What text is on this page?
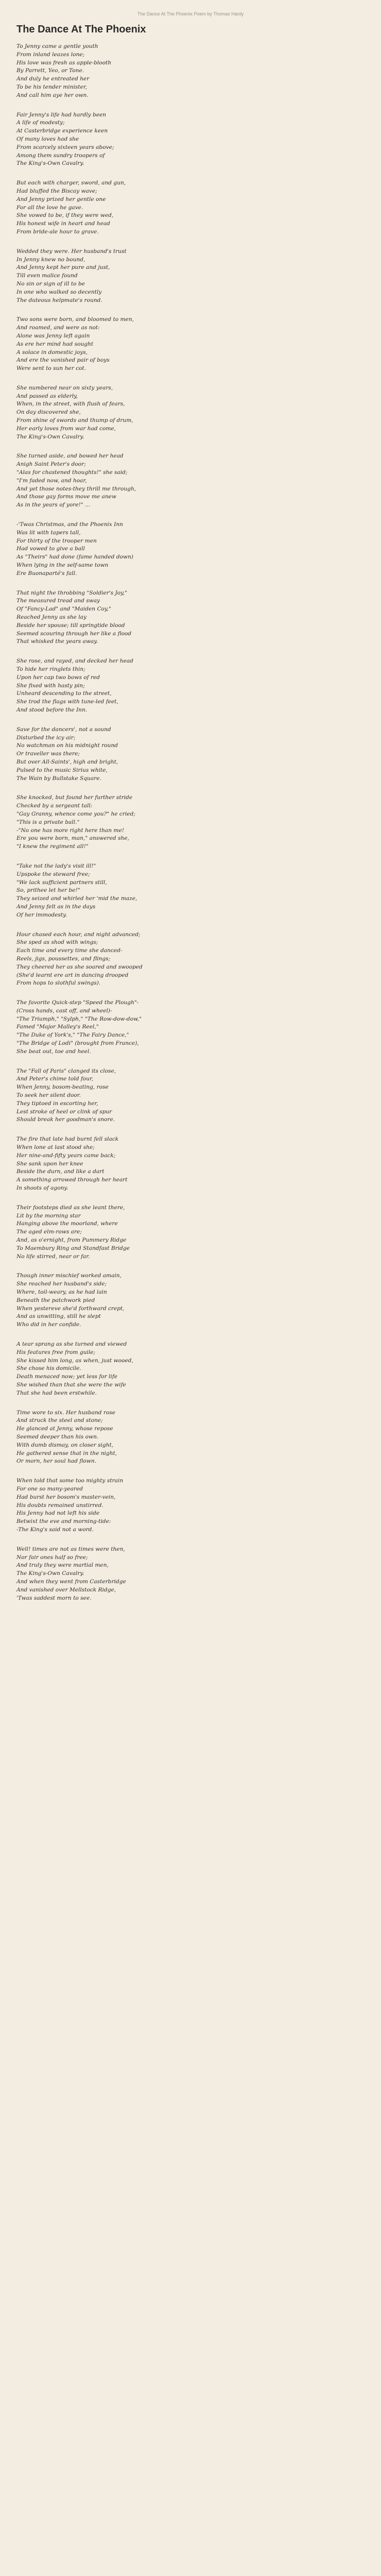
The Dance At The Phoenix Poem by Thomas Hardy
The Dance At The Phoenix
To Jenny came a gentle youth
From inland leazes lone;
His love was fresh as apple-blooth
By Parrett, Yeo, or Tone.
And duly he entreated her
To be his tender minister,
And call him aye her own.
Fair Jenny's life had hardly been
A life of modesty;
At Casterbridge experience keen
Of many loves had she
From scarcely sixteen years above;
Among them sundry troopers of
The King's-Own Cavalry.
But each with charger, sword, and gun,
Had bluffed the Biscay wave;
And Jenny prized her gentle one
For all the love he gave.
She vowed to be, if they were wed,
His honest wife in heart and head
From bride-ale hour to grave.
Wedded they were. Her husband's trust
In Jenny knew no bound,
And Jenny kept her pure and just,
Till even malice found
No sin or sign of ill to be
In one who walked so decently
The duteous helpmate's round.
Two sons were born, and bloomed to men,
And roamed, and were as not:
Alone was Jenny left again
As ere her mind had sought
A solace in domestic joys,
And ere the vanished pair of boys
Were sent to sun her cot.
She numbered near on sixty years,
And passed as elderly,
When, in the street, with flush of fears,
On day discovered she,
From shine of swords and thump of drum,
Her early loves from war had come,
The King's-Own Cavalry.
She turned aside, and bowed her head
Anigh Saint Peter's door;
"Alas for chastened thoughts!" she said;
"I'm faded now, and hoar,
And yet those notes-they thrill me through,
And those gay forms move me anew
As in the years of yore!" ...
-'Twas Christmas, and the Phoenix Inn
Was lit with tapers tall,
For thirty of the trooper men
Had vowed to give a ball
As "Theirs" had done (fame handed down)
When lying in the self-same town
Ere Buonaparté's fall.
That night the throbbing "Soldier's Joy,"
The measured tread and sway
Of "Fancy-Lad" and "Maiden Coy,"
Reached Jenny as she lay
Beside her spouse; till springtide blood
Seemed scouring through her like a flood
That whisked the years away.
She rose, and rayed, and decked her head
To hide her ringlets thin;
Upon her cap two bows of red
She fixed with hasty pin;
Unheard descending to the street,
She trod the flags with tune-led feet,
And stood before the Inn.
Save for the dancers', not a sound
Disturbed the icy air;
No watchman on his midnight round
Or traveller was there;
But over All-Saints', high and bright,
Pulsed to the music Sirius white,
The Wain by Bullstake Square.
She knocked, but found her further stride
Checked by a sergeant tall:
"Gay Granny, whence come you?" he cried;
"This is a private ball."
-"No one has more right here than me!
Ere you were born, man," answered she,
"I knew the regiment all!"
"Take not the lady's visit ill!"
Upspoke the steward free;
"We lack sufficient partners still,
So, prithee let her be!"
They seized and whirled her 'mid the maze,
And Jenny felt as in the days
Of her immodesty.
Hour chased each hour, and night advanced;
She sped as shod with wings;
Each time and every time she danced-
Reels, jigs, poussettes, and flings;
They cheered her as she soared and swooped
(She'd learnt ere art in dancing drooped
From hops to slothful swings).
The favorite Quick-step "Speed the Plough"-
(Cross hands, cast off, and wheel)-
"The Triumph," "Sylph," "The Row-dow-dow,"
Famed "Major Malley's Reel,"
"The Duke of York's," "The Fairy Dance,"
"The Bridge of Lodi" (brought from France),
She beat out, toe and heel.
The "Fall of Paris" clanged its close,
And Peter's chime told four,
When Jenny, bosom-beating, rose
To seek her silent door.
They tiptoed in escorting her,
Lest stroke of heel or clink of spur
Should break her goodman's snore.
The fire that late had burnt fell slack
When lone at last stood she;
Her nine-and-fifty years came back;
She sank upon her knee
Beside the durn, and like a dart
A something arrowed through her heart
In shoots of agony.
Their footsteps died as she leant there,
Lit by the morning star
Hanging above the moorland, where
The aged elm-rows are;
And, as o'ernight, from Pummery Ridge
To Maembury Ring and Standfast Bridge
No life stirred, near or far.
Though inner mischief worked amain,
She reached her husband's side;
Where, toil-weary, as he had lain
Beneath the patchwork pied
When yestereve she'd forthward crept,
And as unwitting, still he slept
Who did in her confide.
A tear sprang as she turned and viewed
His features free from guile;
She kissed him long, as when, just wooed,
She chose his domicile.
Death menaced now; yet less for life
She wished than that she were the wife
That she had been erstwhile.
Time wore to six. Her husband rose
And struck the steel and stone;
He glanced at Jenny, whose repose
Seemed deeper than his own.
With dumb dismay, on closer sight,
He gathered sense that in the night,
Or morn, her soul had flown.
When told that some too mighty strain
For one so many-yeared
Had burst her bosom's master-vein,
His doubts remained unstirred.
His Jenny had not left his side
Betwixt the eve and morning-tide:
-The King's said not a word.
Well! times are not as times were then,
Nor fair ones half so free;
And truly they were martial men,
The King's-Own Cavalry.
And when they went from Casterbridge
And vanished over Mellstock Ridge,
'Twas saddest morn to see.
